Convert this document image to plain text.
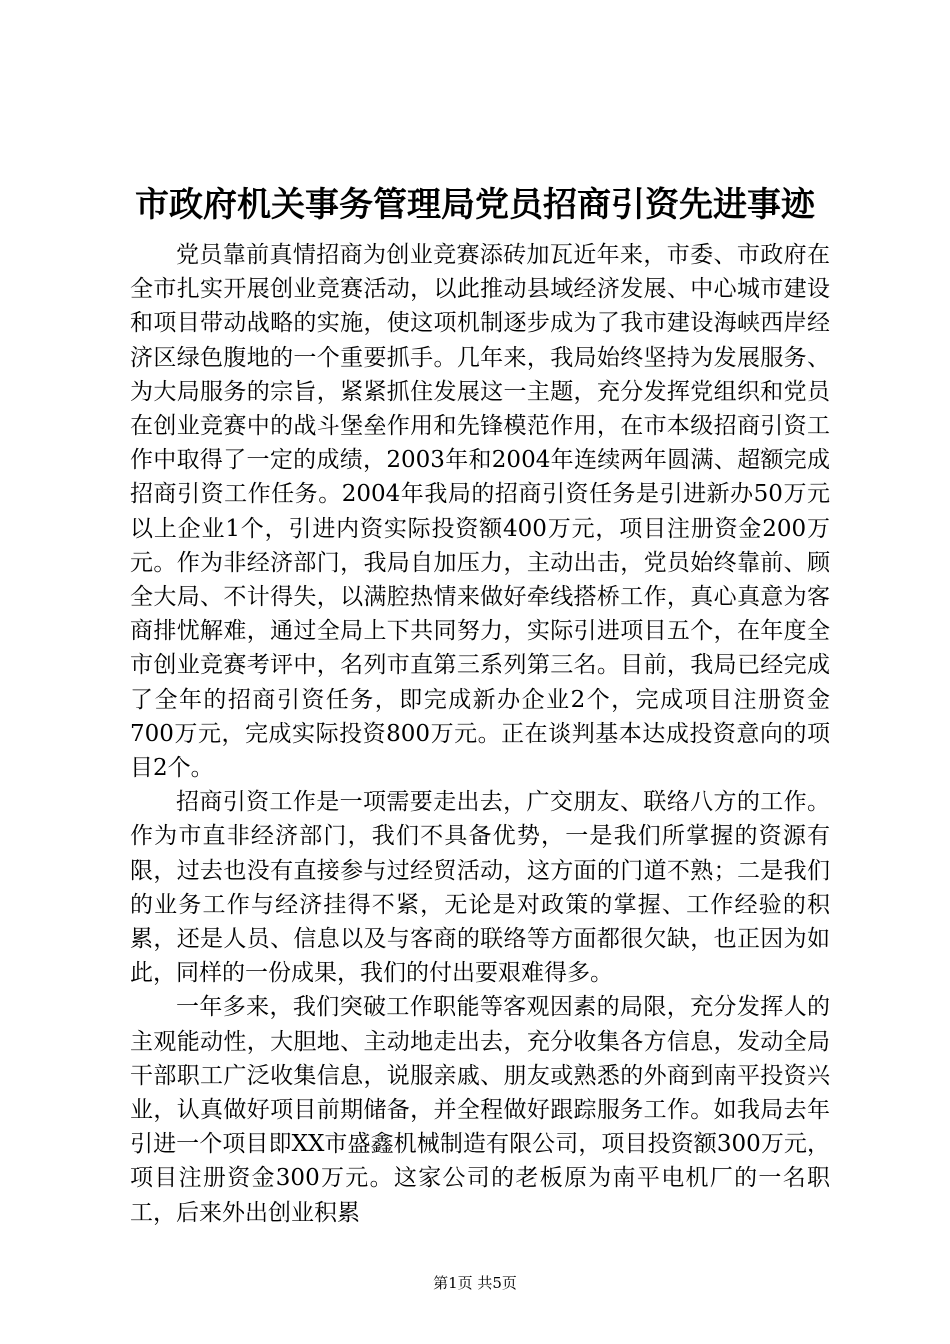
市政府机关事务管理局党员招商引资先进事迹

党员靠前真情招商为创业竞赛添砖加瓦近年来，市委、市政府在全市扎实开展创业竞赛活动，以此推动县域经济发展、中心城市建设和项目带动战略的实施，使这项机制逐步成为了我市建设海峡西岸经济区绿色腹地的一个重要抓手。几年来，我局始终坚持为发展服务、为大局服务的宗旨，紧紧抓住发展这一主题，充分发挥党组织和党员在创业竞赛中的战斗堡垒作用和先锋模范作用，在市本级招商引资工作中取得了一定的成绩，2003年和2004年连续两年圆满、超额完成招商引资工作任务。2004年我局的招商引资任务是引进新办50万元以上企业1个，引进内资实际投资额400万元，项目注册资金200万元。作为非经济部门，我局自加压力，主动出击，党员始终靠前、顾全大局、不计得失，以满腔热情来做好牵线搭桥工作，真心真意为客商排忧解难，通过全局上下共同努力，实际引进项目五个，在年度全市创业竞赛考评中，名列市直第三系列第三名。目前，我局已经完成了全年的招商引资任务，即完成新办企业2个，完成项目注册资金700万元，完成实际投资800万元。正在谈判基本达成投资意向的项目2个。

招商引资工作是一项需要走出去，广交朋友、联络八方的工作。作为市直非经济部门，我们不具备优势，一是我们所掌握的资源有限，过去也没有直接参与过经贸活动，这方面的门道不熟；二是我们的业务工作与经济挂得不紧，无论是对政策的掌握、工作经验的积累，还是人员、信息以及与客商的联络等方面都很欠缺，也正因为如此，同样的一份成果，我们的付出要艰难得多。

一年多来，我们突破工作职能等客观因素的局限，充分发挥人的主观能动性，大胆地、主动地走出去，充分收集各方信息，发动全局干部职工广泛收集信息，说服亲戚、朋友或熟悉的外商到南平投资兴业，认真做好项目前期储备，并全程做好跟踪服务工作。如我局去年引进一个项目即XX市盛鑫机械制造有限公司，项目投资额300万元，项目注册资金300万元。这家公司的老板原为南平电机厂的一名职工，后来外出创业积累

第1页 共5页
